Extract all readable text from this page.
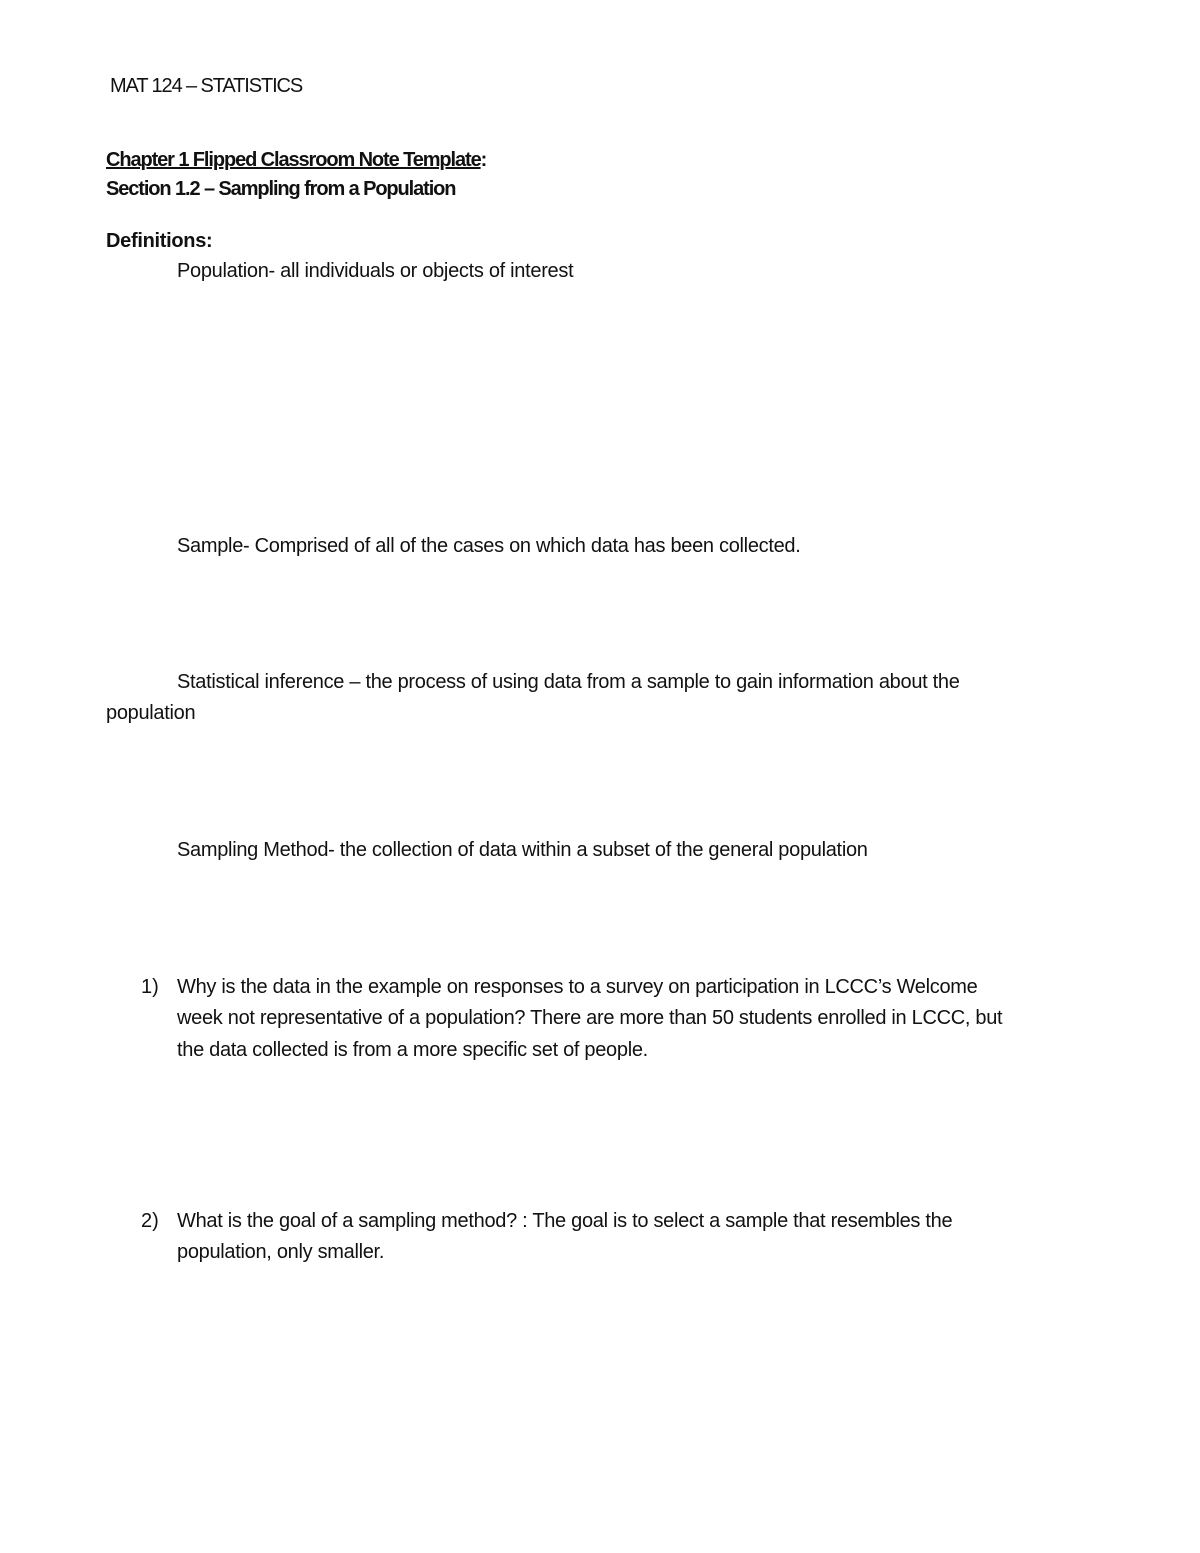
MAT 124 – STATISTICS
Chapter 1 Flipped Classroom Note Template:
Section 1.2 – Sampling from a Population
Definitions:
Population- all individuals or objects of interest
Sample- Comprised of all of the cases on which data has been collected.
Statistical inference – the process of using data from a sample to gain information about the
population
Sampling Method- the collection of data within a subset of the general population
1) Why is the data in the example on responses to a survey on participation in LCCC’s Welcome
week not representative of a population? There are more than 50 students enrolled in LCCC, but
the data collected is from a more specific set of people.
2) What is the goal of a sampling method? : The goal is to select a sample that resembles the
population, only smaller.
